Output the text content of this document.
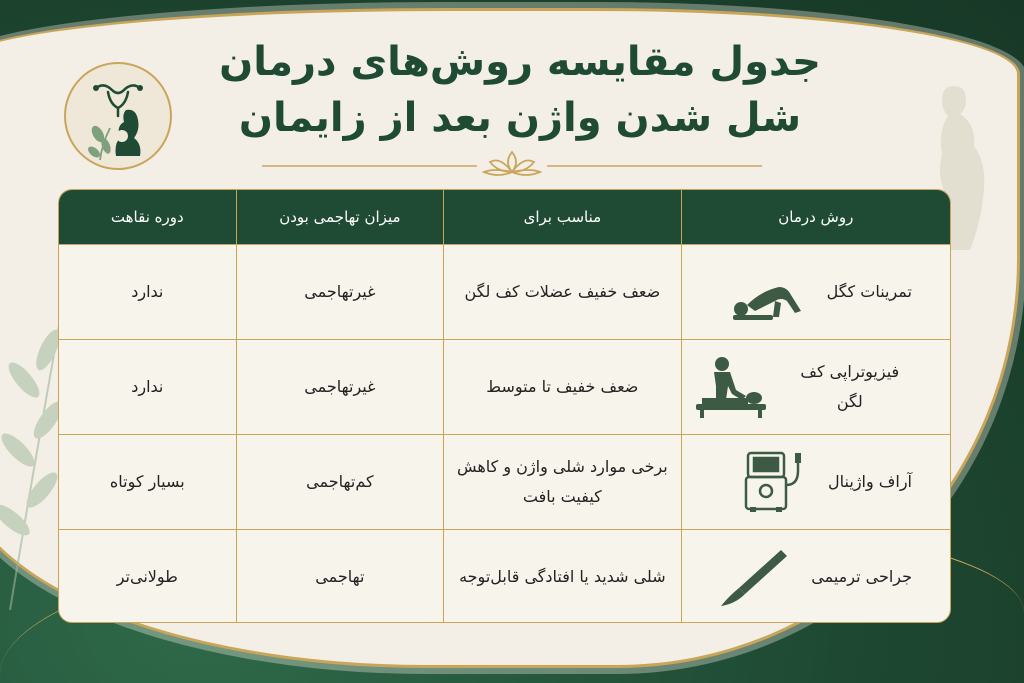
جدول مقایسه روش‌های درمان
شل شدن واژن بعد از زایمان
روش درمان
مناسب برای
میزان تهاجمی بودن
دوره نقاهت
تمرینات کگل
ضعف خفیف عضلات کف لگن
غیرتهاجمی
ندارد
فیزیوتراپی کف لگن
ضعف خفیف تا متوسط
غیرتهاجمی
ندارد
آراف واژینال
برخی موارد شلی واژن و کاهش کیفیت بافت
کم‌تهاجمی
بسیار کوتاه
جراحی ترمیمی
شلی شدید یا افتادگی قابل‌توجه
تهاجمی
طولانی‌تر
